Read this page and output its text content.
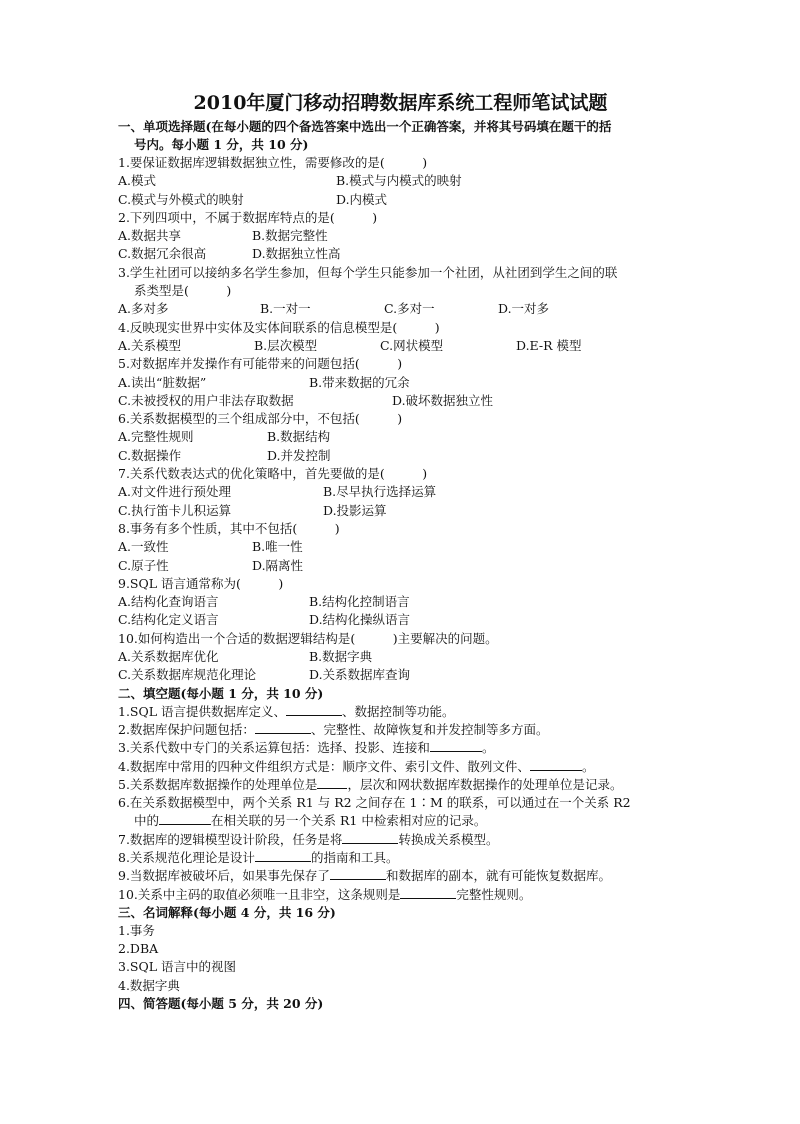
2010年厦门移动招聘数据库系统工程师笔试试题
一、单项选择题(在每小题的四个备选答案中选出一个正确答案，并将其号码填在题干的括
号内。每小题 1 分，共 10 分)
1.要保证数据库逻辑数据独立性，需要修改的是(　　　)
A.模式	B.模式与内模式的映射
C.模式与外模式的映射	D.内模式
2.下列四项中，不属于数据库特点的是(　　　)
A.数据共享	B.数据完整性
C.数据冗余很高	D.数据独立性高
3.学生社团可以接纳多名学生参加，但每个学生只能参加一个社团，从社团到学生之间的联
系类型是(　　　)
A.多对多	B.一对一	C.多对一	D.一对多
4.反映现实世界中实体及实体间联系的信息模型是(　　　)
A.关系模型	B.层次模型	C.网状模型	D.E-R 模型
5.对数据库并发操作有可能带来的问题包括(　　　)
A.读出“脏数据”	B.带来数据的冗余
C.未被授权的用户非法存取数据	D.破坏数据独立性
6.关系数据模型的三个组成部分中，不包括(　　　)
A.完整性规则	B.数据结构
C.数据操作	D.并发控制
7.关系代数表达式的优化策略中，首先要做的是(　　　)
A.对文件进行预处理	B.尽早执行选择运算
C.执行笛卡儿积运算	D.投影运算
8.事务有多个性质，其中不包括(　　　)
A.一致性	B.唯一性
C.原子性	D.隔离性
9.SQL 语言通常称为(　　　)
A.结构化查询语言	B.结构化控制语言
C.结构化定义语言	D.结构化操纵语言
10.如何构造出一个合适的数据逻辑结构是(　　　)主要解决的问题。
A.关系数据库优化	B.数据字典
C.关系数据库规范化理论	D.关系数据库查询
二、填空题(每小题 1 分，共 10 分)
1.SQL 语言提供数据库定义、	、数据控制等功能。
2.数据库保护问题包括：	、完整性、故障恢复和并发控制等多方面。
3.关系代数中专门的关系运算包括：选择、投影、连接和	。
4.数据库中常用的四种文件组织方式是：顺序文件、索引文件、散列文件、	。
5.关系数据库数据操作的处理单位是 ，层次和网状数据库数据操作的处理单位是记录。
6.在关系数据模型中，两个关系 R1 与 R2 之间存在 1∶M 的联系，可以通过在一个关系 R2
中的	在相关联的另一个关系 R1 中检索相对应的记录。
7.数据库的逻辑模型设计阶段，任务是将	转换成关系模型。
8.关系规范化理论是设计	的指南和工具。
9.当数据库被破坏后，如果事先保存了	和数据库的副本，就有可能恢复数据库。
10.关系中主码的取值必须唯一且非空，这条规则是	完整性规则。
三、名词解释(每小题 4 分，共 16 分)
1.事务
2.DBA
3.SQL 语言中的视图
4.数据字典
四、简答题(每小题 5 分，共 20 分)
